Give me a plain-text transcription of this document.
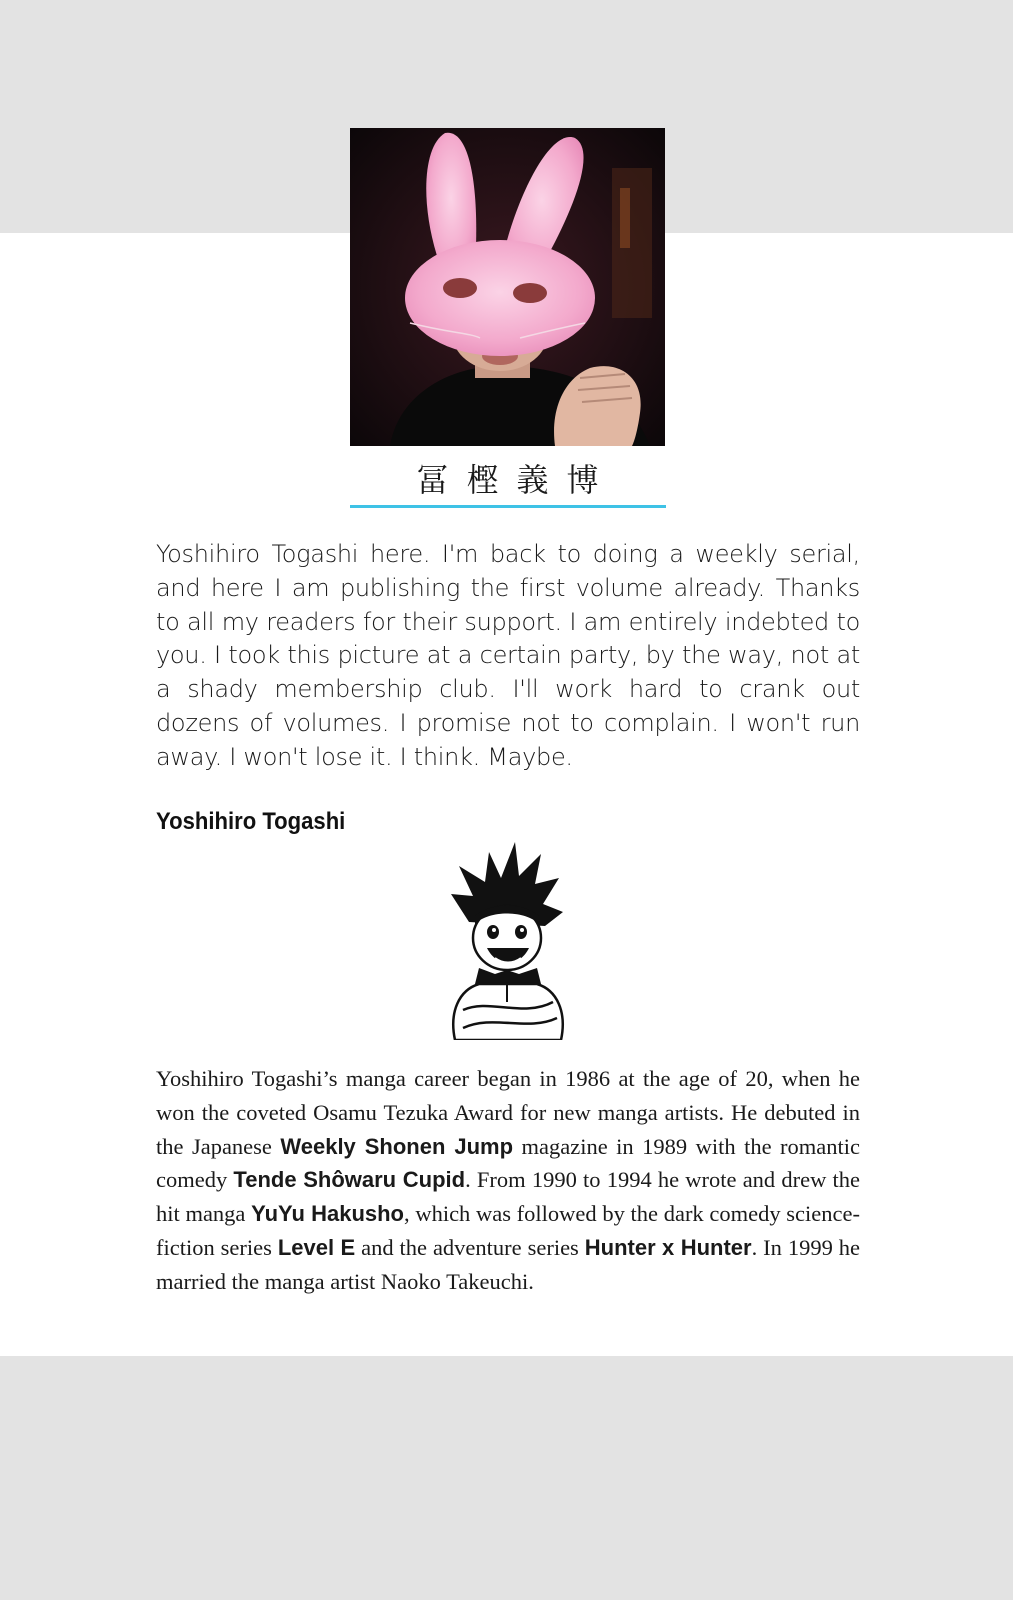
冨樫義博

Yoshihiro Togashi here. I'm back to doing a weekly serial, and here I am publishing the first volume already. Thanks to all my readers for their support. I am entirely indebted to you. I took this picture at a certain party, by the way, not at a shady membership club. I'll work hard to crank out dozens of volumes. I promise not to complain. I won't run away. I won't lose it. I think. Maybe.

Yoshihiro Togashi

Yoshihiro Togashi’s manga career began in 1986 at the age of 20, when he won the coveted Osamu Tezuka Award for new manga artists. He debuted in the Japanese Weekly Shonen Jump magazine in 1989 with the romantic comedy Tende Shôwaru Cupid. From 1990 to 1994 he wrote and drew the hit manga YuYu Hakusho, which was followed by the dark comedy science-fiction series Level E and the adventure series Hunter x Hunter. In 1999 he married the manga artist Naoko Takeuchi.
